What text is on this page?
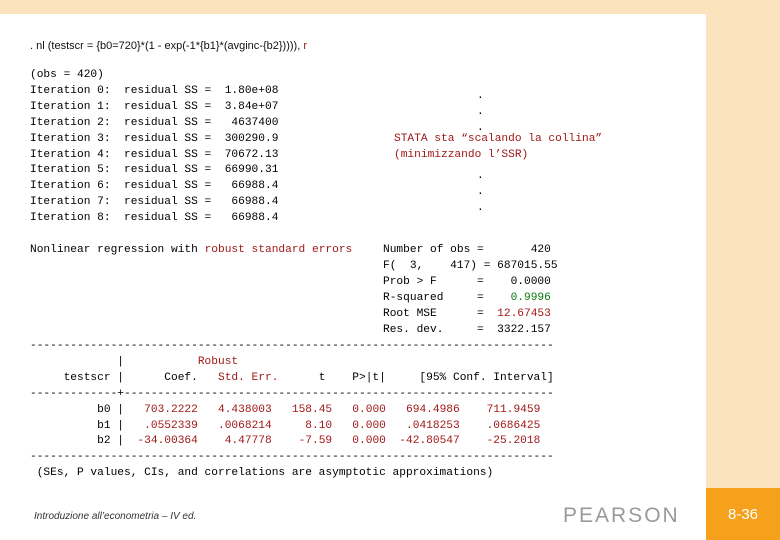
. nl (testscr = {b0=720}*(1 - exp(-1*{b1}*(avginc-{b2})))), r
(obs = 420)
Iteration 0:  residual SS =  1.80e+08
Iteration 1:  residual SS =  3.84e+07
Iteration 2:  residual SS =   4637400
Iteration 3:  residual SS =  300290.9
Iteration 4:  residual SS =  70672.13
Iteration 5:  residual SS =  66990.31
Iteration 6:  residual SS =   66988.4
Iteration 7:  residual SS =   66988.4
Iteration 8:  residual SS =   66988.4
.
.
.
STATA sta “scalando la collina”
(minimizzando l’SSR)
.
.
.
Nonlinear regression with robust standard errors	Number of obs =       420
F(  3,    417) = 687015.55
Prob > F      =    0.0000
R-squared     =    0.9996
Root MSE      =  12.67453
Res. dev.     =  3322.157
------------------------------------------------------------------------------
|           Robust
testscr |      Coef.   Std. Err.      t    P>|t|     [95% Conf. Interval]
-------------+----------------------------------------------------------------
b0 |   703.2222   4.438003   158.45   0.000   694.4986    711.9459
b1 |   .0552339   .0068214     8.10   0.000   .0418253    .0686425
b2 |  -34.00364    4.47778    -7.59   0.000  -42.80547    -25.2018
------------------------------------------------------------------------------
(SEs, P values, CIs, and correlations are asymptotic approximations)
Introduzione all’econometria – IV ed.	PEARSON	8-36
